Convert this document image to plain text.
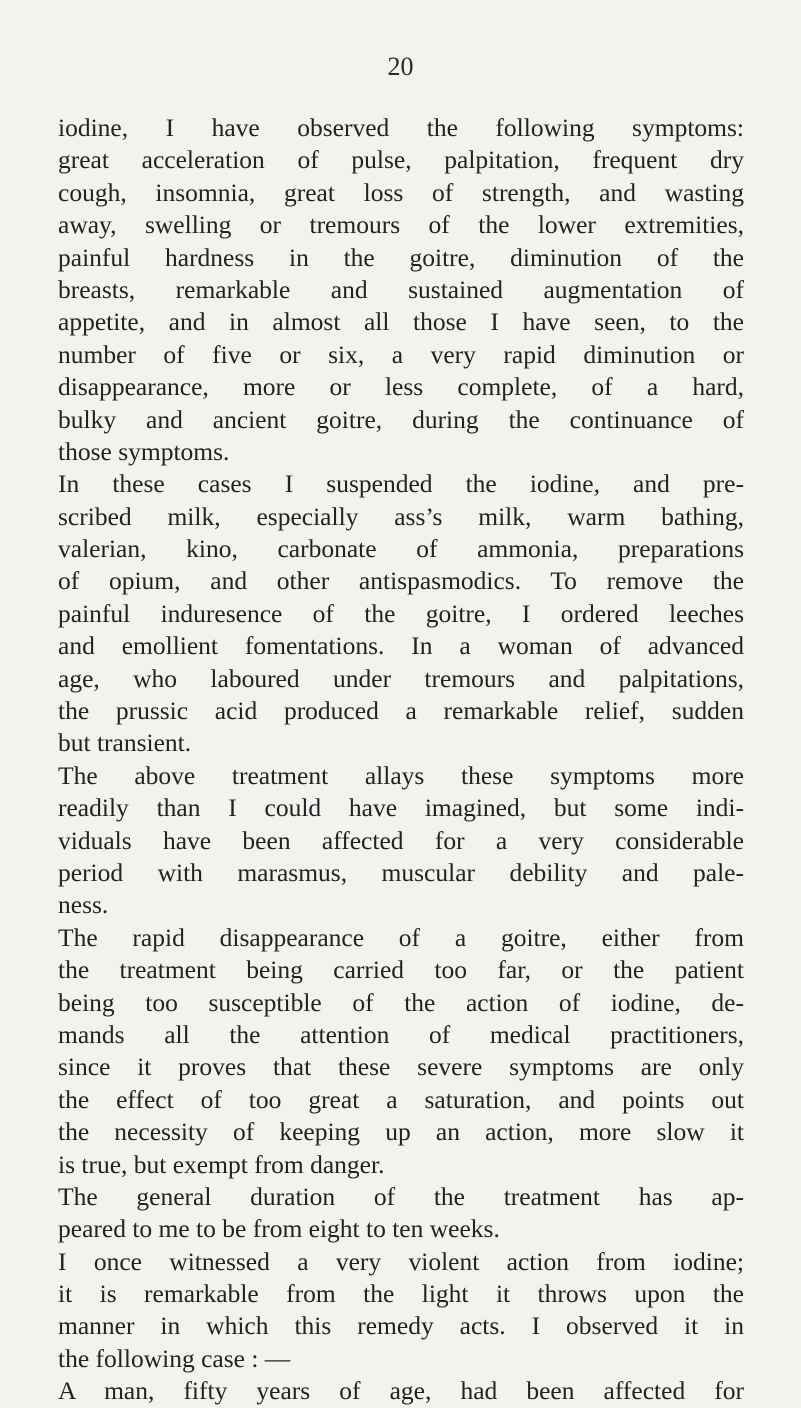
20
iodine, I have observed the following symptoms:
great acceleration of pulse, palpitation, frequent dry
cough, insomnia, great loss of strength, and wasting
away, swelling or tremours of the lower extremities,
painful hardness in the goitre, diminution of the
breasts, remarkable and sustained augmentation of
appetite, and in almost all those I have seen, to the
number of five or six, a very rapid diminution or
disappearance, more or less complete, of a hard,
bulky and ancient goitre, during the continuance of
those symptoms.
In these cases I suspended the iodine, and pre-
scribed milk, especially ass’s milk, warm bathing,
valerian, kino, carbonate of ammonia, preparations
of opium, and other antispasmodics. To remove the
painful induresence of the goitre, I ordered leeches
and emollient fomentations. In a woman of advanced
age, who laboured under tremours and palpitations,
the prussic acid produced a remarkable relief, sudden
but transient.
The above treatment allays these symptoms more
readily than I could have imagined, but some indi-
viduals have been affected for a very considerable
period with marasmus, muscular debility and pale-
ness.
The rapid disappearance of a goitre, either from
the treatment being carried too far, or the patient
being too susceptible of the action of iodine, de-
mands all the attention of medical practitioners,
since it proves that these severe symptoms are only
the effect of too great a saturation, and points out
the necessity of keeping up an action, more slow it
is true, but exempt from danger.
The general duration of the treatment has ap-
peared to me to be from eight to ten weeks.
I once witnessed a very violent action from iodine;
it is remarkable from the light it throws upon the
manner in which this remedy acts. I observed it in
the following case : —
A man, fifty years of age, had been affected for
